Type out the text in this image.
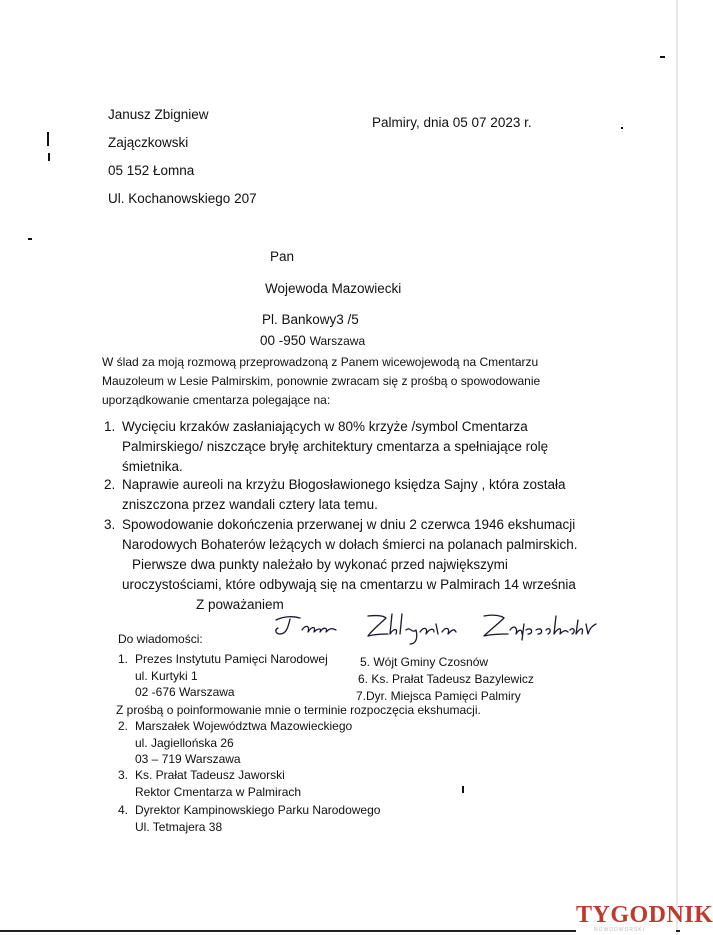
Janusz Zbigniew
Zajączkowski
05 152 Łomna
Ul. Kochanowskiego 207
Palmiry, dnia 05 07 2023 r.
Pan
Wojewoda Mazowiecki
Pl. Bankowy3 /5
00 -950 Warszawa
W ślad za moją rozmową przeprowadzoną z Panem wicewojewodą na Cmentarzu
Mauzoleum w Lesie Palmirskim, ponownie zwracam się z prośbą o spowodowanie
uporządkowanie cmentarza polegające na:
1. Wycięciu krzaków zasłaniających w 80% krzyże /symbol Cmentarza
Palmirskiego/ niszczące bryłę architektury cmentarza a spełniające rolę
śmietnika.
2. Naprawie aureoli na krzyżu Błogosławionego księdza Sajny , która została
zniszczona przez wandali cztery lata temu.
3. Spowodowanie dokończenia przerwanej w dniu 2 czerwca 1946 ekshumacji
Narodowych Bohaterów leżących w dołach śmierci na polanach palmirskich.
Pierwsze dwa punkty należało by wykonać przed największymi
uroczystościami, które odbywają się na cmentarzu w Palmirach 14 września
Z poważaniem
Do wiadomości:
1. Prezes Instytutu Pamięci Narodowej
ul. Kurtyki 1
02 -676 Warszawa
5. Wójt Gminy Czosnów
6. Ks. Prałat Tadeusz Bazylewicz
7.Dyr. Miejsca Pamięci Palmiry
Z prośbą o poinformowanie mnie o terminie rozpoczęcia ekshumacji.
2. Marszałek Województwa Mazowieckiego
ul. Jagiellońska 26
03 – 719 Warszawa
3. Ks. Prałat Tadeusz Jaworski
Rektor Cmentarza w Palmirach
4. Dyrektor Kampinowskiego Parku Narodowego
Ul. Tetmajera 38
TYGODNIK
NOWODWORSKI
